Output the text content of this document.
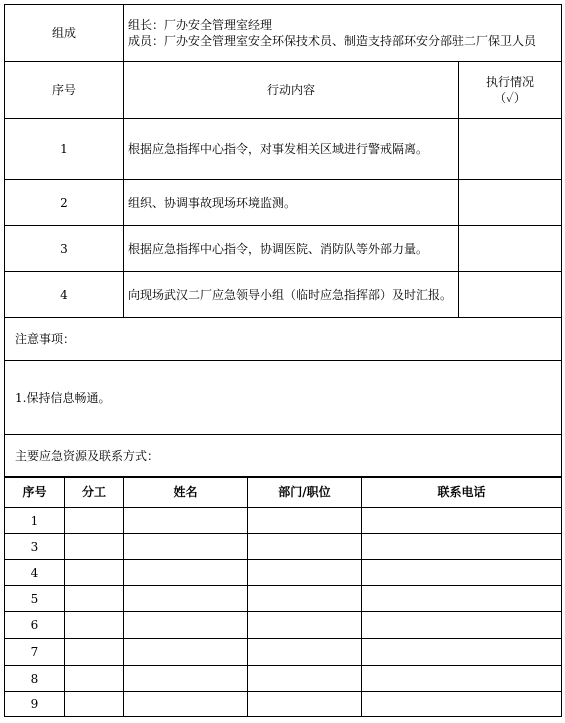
组成	组长：厂办安全管理室经理
成员：厂办安全管理室安全环保技术员、制造支持部环安分部驻二厂保卫人员	

序号	行动内容	执行情况
（✓）

1	根据应急指挥中心指令，对事发相关区域进行警戒隔离。	
2	组织、协调事故现场环境监测。	
3	根据应急指挥中心指令，协调医院、消防队等外部力量。	
4	向现场武汉二厂应急领导小组（临时应急指挥部）及时汇报。	
注意事项：		
1.保持信息畅通。		
主要应急资源及联系方式：		
序号	分工	姓名	部门/职位	联系电话
1				
3				
4				
5				
6				
7				
8				
9				
